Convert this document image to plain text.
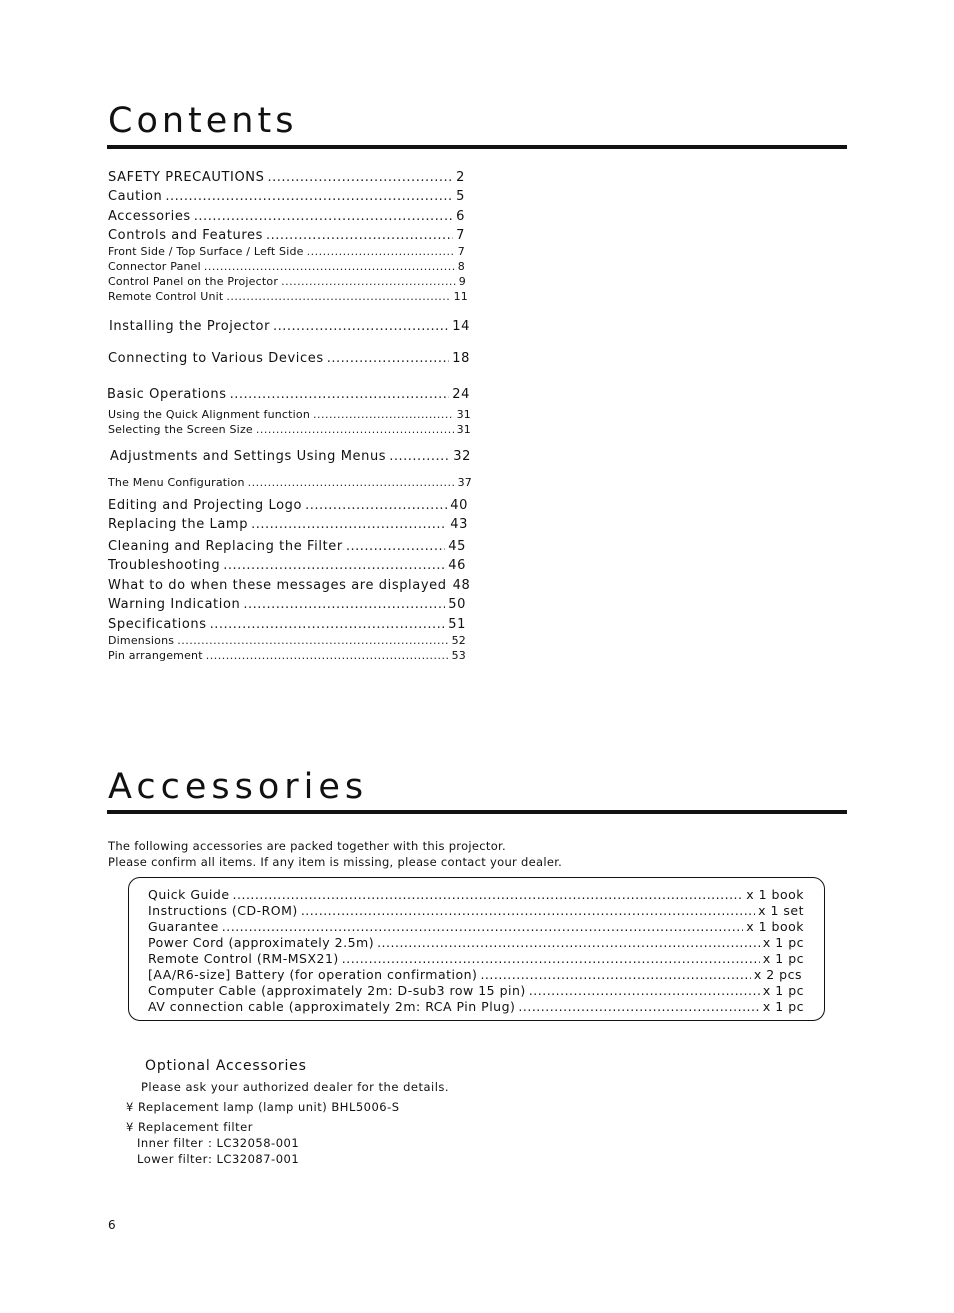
Contents
SAFETY PRECAUTIONS .....	2
Caution .....	5
Accessories .....	6
Controls and Features .....	7
Front Side / Top Surface / Left Side .....	7
Connector Panel .....	8
Control Panel on the Projector .....	9
Remote Control Unit .....	11
Installing the Projector .....	14
Connecting to Various Devices .....	18
Basic Operations .....	24
Using the Quick Alignment function .....	31
Selecting the Screen Size .....	31
Adjustments and Settings Using Menus .....	32
The Menu Configuration .....	37
Editing and Projecting Logo .....	40
Replacing the Lamp .....	43
Cleaning and Replacing the Filter .....	45
Troubleshooting .....	46
What to do when these messages are displayed 48
Warning Indication .....	50
Specifications .....	51
Dimensions .....	52
Pin arrangement .....	53
Accessories
The following accessories are packed together with this projector.
Please confirm all items. If any item is missing, please contact your dealer.
Quick Guide .....	x 1 book
Instructions (CD-ROM) .....	x 1 set
Guarantee .....	x 1 book
Power Cord (approximately 2.5m) .....	x 1 pc
Remote Control (RM-MSX21) .....	x 1 pc
[AA/R6-size] Battery (for operation confirmation) .....	x 2 pcs
Computer Cable (approximately 2m: D-sub3 row 15 pin) .....	x 1 pc
AV connection cable (approximately 2m: RCA Pin Plug) .....	x 1 pc
Optional Accessories
Please ask your authorized dealer for the details.
¥ Replacement lamp (lamp unit) BHL5006-S
¥ Replacement filter
Inner filter : LC32058-001
Lower filter : LC32087-001
6
